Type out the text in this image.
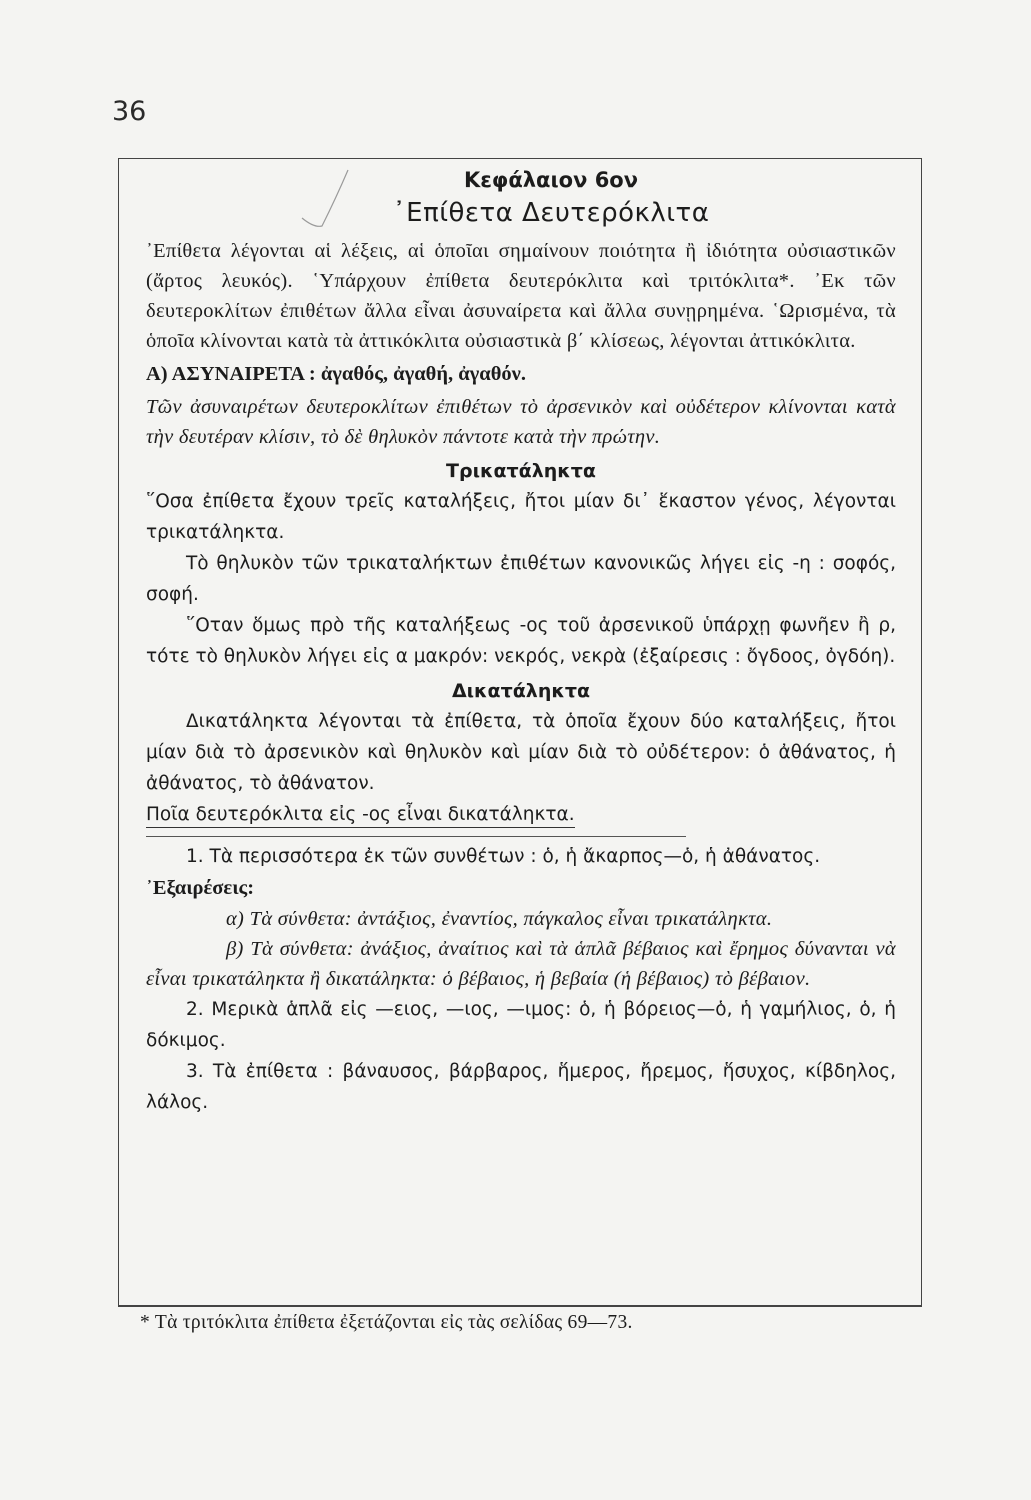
36
Κεφάλαιον 6ον
᾿Επίθετα Δευτερόκλιτα

᾿Επίθετα λέγονται αἱ λέξεις, αἱ ὁποῖαι σημαίνουν ποιότητα ἢ ἰδιότητα οὐσιαστικῶν (ἄρτος λευκός). ῾Υπάρχουν ἐπίθετα δευτερόκλιτα καὶ τριτόκλιτα*. ᾿Εκ τῶν δευτεροκλίτων ἐπιθέτων ἄλλα εἶναι ἀσυναίρετα καὶ ἄλλα συνῃρημένα. ῾Ωρισμένα, τὰ ὁποῖα κλίνονται κατὰ τὰ ἀττικόκλιτα οὐσιαστικὰ β΄ κλίσεως, λέγονται ἀττικόκλιτα.

Α) ΑΣΥΝΑΙΡΕΤΑ : ἀγαθός, ἀγαθή, ἀγαθόν.

Τῶν ἀσυναιρέτων δευτεροκλίτων ἐπιθέτων τὸ ἀρσενικὸν καὶ οὐδέτερον κλίνονται κατὰ τὴν δευτέραν κλίσιν, τὸ δὲ θηλυκὸν πάντοτε κατὰ τὴν πρώτην.

Τρικατάληκτα

῞Οσα ἐπίθετα ἔχουν τρεῖς καταλήξεις, ἤτοι μίαν δι᾿ ἕκαστον γένος, λέγονται τρικατάληκτα.

Τὸ θηλυκὸν τῶν τρικαταλήκτων ἐπιθέτων κανονικῶς λήγει εἰς -η : σοφός, σοφή.

῞Οταν ὅμως πρὸ τῆς καταλήξεως -ος τοῦ ἀρσενικοῦ ὑπάρχῃ φωνῆεν ἢ ρ, τότε τὸ θηλυκὸν λήγει εἰς α μακρόν: νεκρός, νεκρὰ (ἐξαίρεσις : ὄγδοος, ὀγδόη).

Δικατάληκτα

Δικατάληκτα λέγονται τὰ ἐπίθετα, τὰ ὁποῖα ἔχουν δύο καταλήξεις, ἤτοι μίαν διὰ τὸ ἀρσενικὸν καὶ θηλυκὸν καὶ μίαν διὰ τὸ οὐδέτερον: ὁ ἀθάνατος, ἡ ἀθάνατος, τὸ ἀθάνατον.

Ποῖα δευτερόκλιτα εἰς -ος εἶναι δικατάληκτα.

1. Τὰ περισσότερα ἐκ τῶν συνθέτων : ὁ, ἡ ἄκαρπος—ὁ, ἡ ἀθάνατος.

᾿Εξαιρέσεις:

α) Τὰ σύνθετα: ἀντάξιος, ἐναντίος, πάγκαλος εἶναι τρικατάληκτα.

β) Τὰ σύνθετα: ἀνάξιος, ἀναίτιος καὶ τὰ ἁπλᾶ βέβαιος καὶ ἔρημος δύνανται νὰ εἶναι τρικατάληκτα ἢ δικατάληκτα: ὁ βέβαιος, ἡ βεβαία (ἡ βέβαιος) τὸ βέβαιον.

2. Μερικὰ ἁπλᾶ εἰς —ειος, —ιος, —ιμος: ὁ, ἡ βόρειος—ὁ, ἡ γαμήλιος, ὁ, ἡ δόκιμος.

3. Τὰ ἐπίθετα : βάναυσος, βάρβαρος, ἥμερος, ἤρεμος, ἥσυχος, κίβδηλος, λάλος.

* Τὰ τριτόκλιτα ἐπίθετα ἐξετάζονται εἰς τὰς σελίδας 69—73.
